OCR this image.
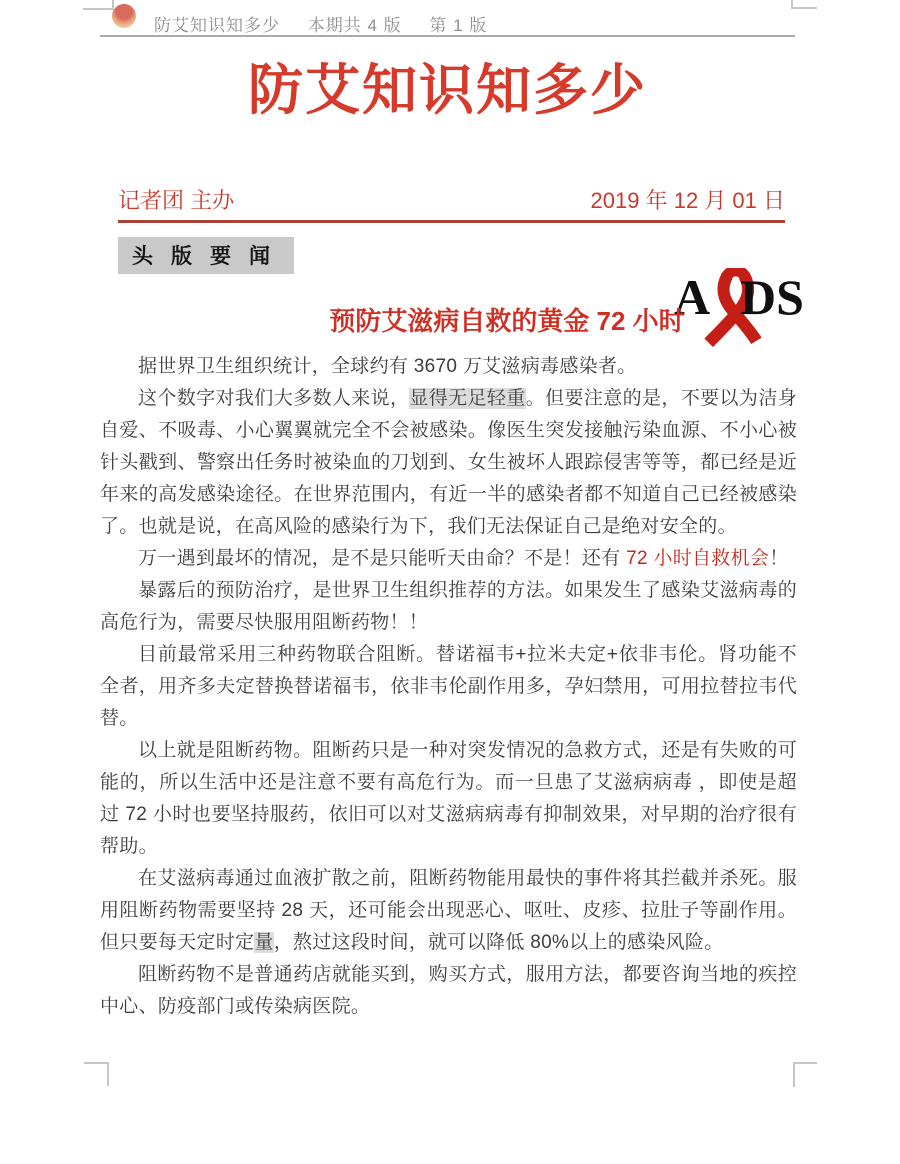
防艾知识知多少 本期共 4 版 第 1 版
防艾知识知多少
记者团 主办	2019 年 12 月 01 日
头版要闻
A DS
预防艾滋病自救的黄金 72 小时

据世界卫生组织统计，全球约有 3670 万艾滋病毒感染者。

这个数字对我们大多数人来说，显得无足轻重。但要注意的是，不要以为洁身自爱、不吸毒、小心翼翼就完全不会被感染。像医生突发接触污染血源、不小心被针头戳到、警察出任务时被染血的刀划到、女生被坏人跟踪侵害等等，都已经是近年来的高发感染途径。在世界范围内，有近一半的感染者都不知道自己已经被感染了。也就是说，在高风险的感染行为下，我们无法保证自己是绝对安全的。

万一遇到最坏的情况，是不是只能听天由命？不是！还有 72 小时自救机会！

暴露后的预防治疗，是世界卫生组织推荐的方法。如果发生了感染艾滋病毒的高危行为，需要尽快服用阻断药物！！

目前最常采用三种药物联合阻断。替诺福韦+拉米夫定+依非韦伦。肾功能不全者，用齐多夫定替换替诺福韦，依非韦伦副作用多，孕妇禁用，可用拉替拉韦代替。

以上就是阻断药物。阻断药只是一种对突发情况的急救方式，还是有失败的可能的，所以生活中还是注意不要有高危行为。而一旦患了艾滋病病毒 ，即使是超过 72 小时也要坚持服药，依旧可以对艾滋病病毒有抑制效果，对早期的治疗很有帮助。

在艾滋病毒通过血液扩散之前，阻断药物能用最快的事件将其拦截并杀死。服用阻断药物需要坚持 28 天，还可能会出现恶心、呕吐、皮疹、拉肚子等副作用。但只要每天定时定量，熬过这段时间，就可以降低 80%以上的感染风险。

阻断药物不是普通药店就能买到，购买方式，服用方法，都要咨询当地的疾控中心、防疫部门或传染病医院。
